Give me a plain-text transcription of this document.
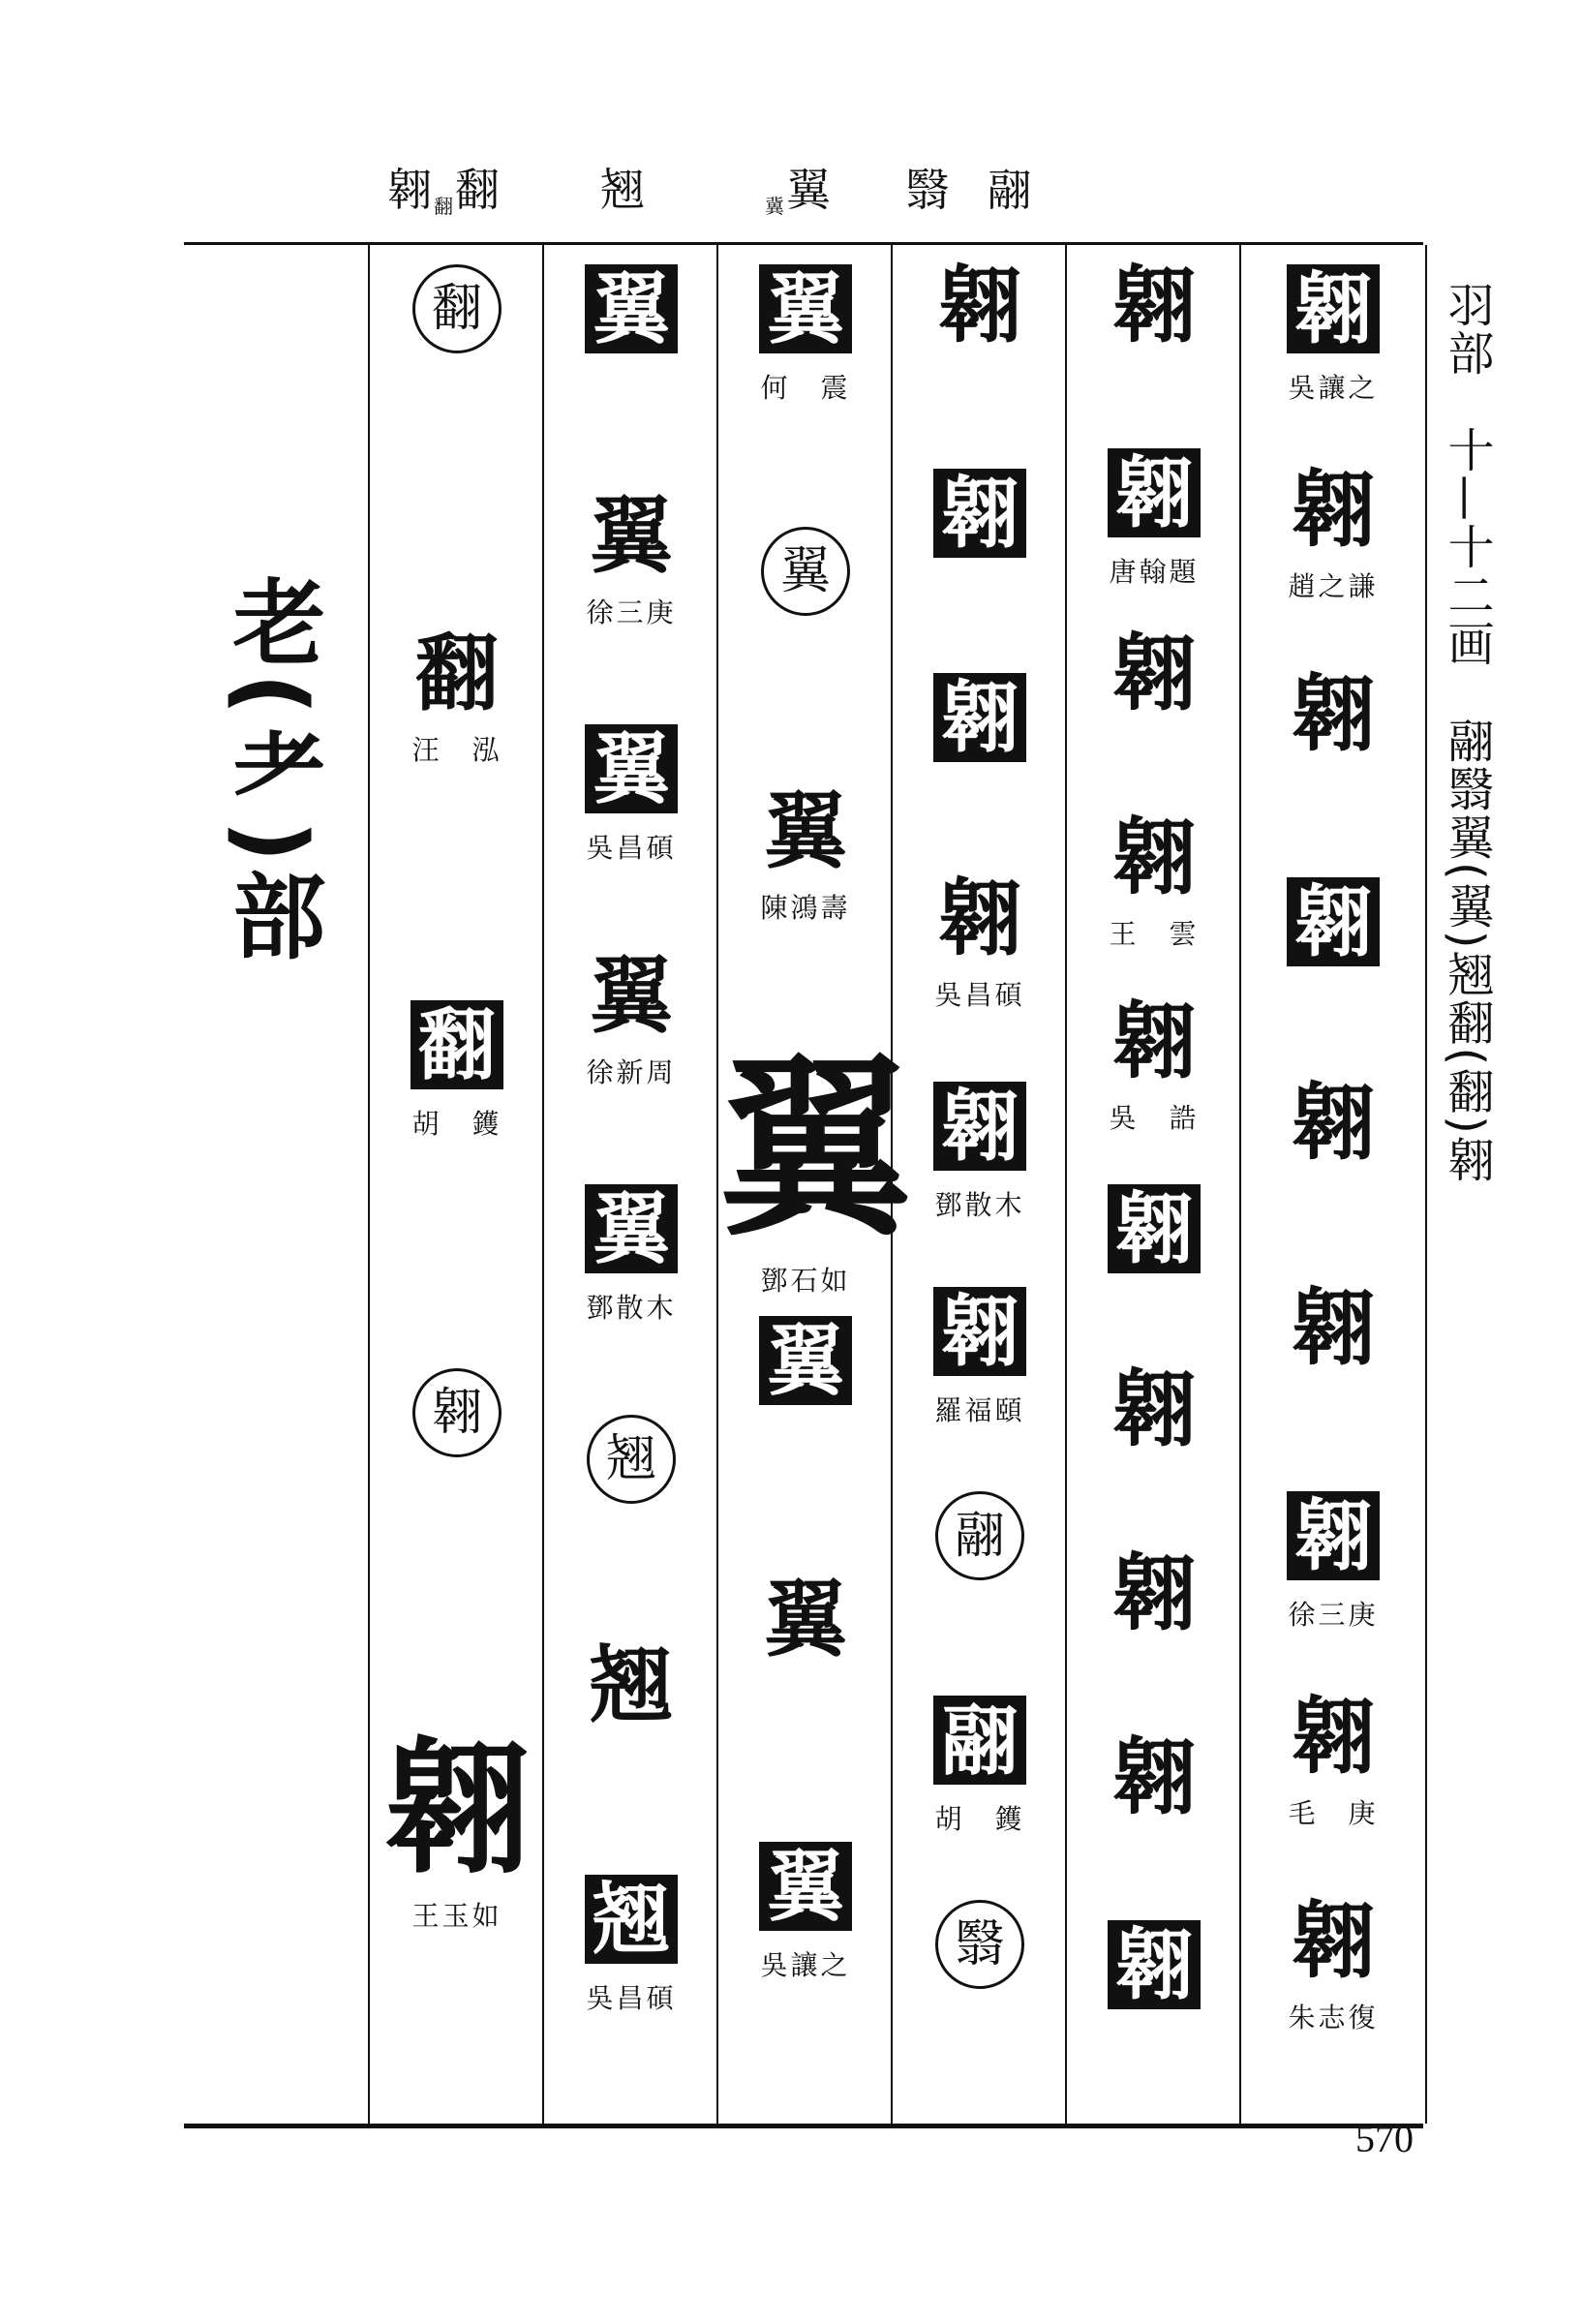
翱翻翻 翘	冀翼 翳 翮
老(耂)部
翻
翻
汪　泓
翻
胡　鑊
翱
翱
王玉如
翼
翼
徐三庚
翼
吳昌碩
翼
徐新周
翼
鄧散木
翘
翘
翘
吳昌碩
翼
何　震
翼
翼
陳鴻壽
翼
鄧石如
翼
翼
翼
吳讓之
翱
翱
翱
翱
吳昌碩
翱
鄧散木
翱
羅福頤
翮
翮
胡　鑊
翳
翱
翱
唐翰題
翱
翱
王　雲
翱
吳　誥
翱
翱
翱
翱
翱
翱
吳讓之
翱
趙之謙
翱
翱
翱
翱
翱
徐三庚
翱
毛　庚
翱
朱志復
羽部　十—十二画　翮翳翼(翼)翘翻(翻)翱
570
